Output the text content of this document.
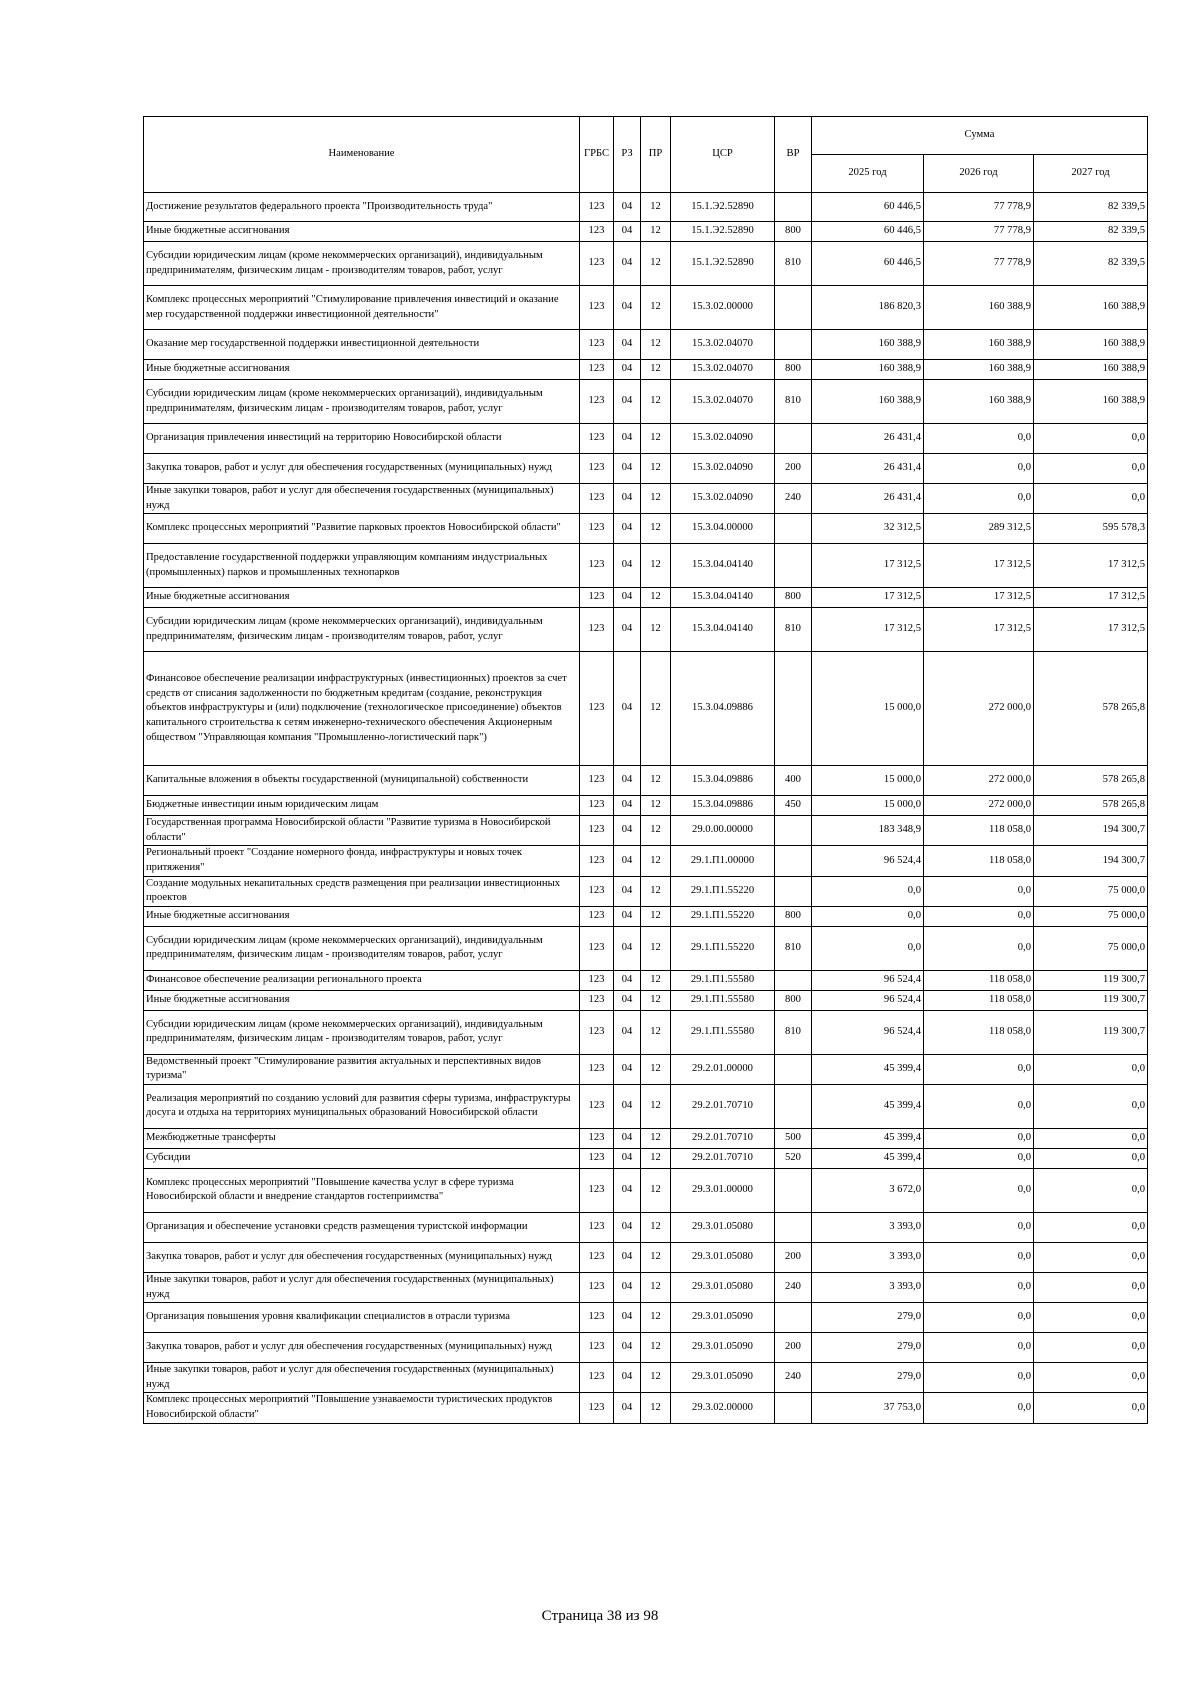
Наименование	ГРБС	РЗ	ПР	ЦСР	ВР	Сумма		
						2025 год	2026 год	2027 год
Достижение результатов федерального проекта "Производительность труда"	123	04	12	15.1.Э2.52890		60 446,5	77 778,9	82 339,5
Иные бюджетные ассигнования	123	04	12	15.1.Э2.52890	800	60 446,5	77 778,9	82 339,5
Субсидии юридическим лицам (кроме некоммерческих организаций), индивидуальным предпринимателям, физическим лицам - производителям товаров, работ, услуг	123	04	12	15.1.Э2.52890	810	60 446,5	77 778,9	82 339,5
Комплекс процессных мероприятий "Стимулирование привлечения инвестиций и оказание мер государственной поддержки инвестиционной деятельности"	123	04	12	15.3.02.00000		186 820,3	160 388,9	160 388,9
Оказание мер государственной поддержки инвестиционной деятельности	123	04	12	15.3.02.04070		160 388,9	160 388,9	160 388,9
Иные бюджетные ассигнования	123	04	12	15.3.02.04070	800	160 388,9	160 388,9	160 388,9
Субсидии юридическим лицам (кроме некоммерческих организаций), индивидуальным предпринимателям, физическим лицам - производителям товаров, работ, услуг	123	04	12	15.3.02.04070	810	160 388,9	160 388,9	160 388,9
Организация привлечения инвестиций на территорию Новосибирской области	123	04	12	15.3.02.04090		26 431,4	0,0	0,0
Закупка товаров, работ и услуг для обеспечения государственных (муниципальных) нужд	123	04	12	15.3.02.04090	200	26 431,4	0,0	0,0
Иные закупки товаров, работ и услуг для обеспечения государственных (муниципальных) нужд	123	04	12	15.3.02.04090	240	26 431,4	0,0	0,0
Комплекс процессных мероприятий "Развитие парковых проектов Новосибирской области"	123	04	12	15.3.04.00000		32 312,5	289 312,5	595 578,3
Предоставление государственной поддержки управляющим компаниям индустриальных (промышленных) парков и промышленных технопарков	123	04	12	15.3.04.04140		17 312,5	17 312,5	17 312,5
Иные бюджетные ассигнования	123	04	12	15.3.04.04140	800	17 312,5	17 312,5	17 312,5
Субсидии юридическим лицам (кроме некоммерческих организаций), индивидуальным предпринимателям, физическим лицам - производителям товаров, работ, услуг	123	04	12	15.3.04.04140	810	17 312,5	17 312,5	17 312,5
Финансовое обеспечение реализации инфраструктурных (инвестиционных) проектов за счет средств от списания задолженности по бюджетным кредитам (создание, реконструкция объектов инфраструктуры и (или) подключение (технологическое присоединение) объектов капитального строительства к сетям инженерно-технического обеспечения Акционерным обществом "Управляющая компания "Промышленно-логистический парк")	123	04	12	15.3.04.09886		15 000,0	272 000,0	578 265,8
Капитальные вложения в объекты государственной (муниципальной) собственности	123	04	12	15.3.04.09886	400	15 000,0	272 000,0	578 265,8
Бюджетные инвестиции иным юридическим лицам	123	04	12	15.3.04.09886	450	15 000,0	272 000,0	578 265,8
Государственная программа Новосибирской области "Развитие туризма в Новосибирской области"	123	04	12	29.0.00.00000		183 348,9	118 058,0	194 300,7
Региональный проект "Создание номерного фонда, инфраструктуры и новых точек притяжения"	123	04	12	29.1.П1.00000		96 524,4	118 058,0	194 300,7
Создание модульных некапитальных средств размещения при реализации инвестиционных проектов	123	04	12	29.1.П1.55220		0,0	0,0	75 000,0
Иные бюджетные ассигнования	123	04	12	29.1.П1.55220	800	0,0	0,0	75 000,0
Субсидии юридическим лицам (кроме некоммерческих организаций), индивидуальным предпринимателям, физическим лицам - производителям товаров, работ, услуг	123	04	12	29.1.П1.55220	810	0,0	0,0	75 000,0
Финансовое обеспечение реализации регионального проекта	123	04	12	29.1.П1.55580		96 524,4	118 058,0	119 300,7
Иные бюджетные ассигнования	123	04	12	29.1.П1.55580	800	96 524,4	118 058,0	119 300,7
Субсидии юридическим лицам (кроме некоммерческих организаций), индивидуальным предпринимателям, физическим лицам - производителям товаров, работ, услуг	123	04	12	29.1.П1.55580	810	96 524,4	118 058,0	119 300,7
Ведомственный проект "Стимулирование развития актуальных и перспективных видов туризма"	123	04	12	29.2.01.00000		45 399,4	0,0	0,0
Реализация мероприятий по созданию условий для развития сферы туризма, инфраструктуры досуга и отдыха на территориях муниципальных образований Новосибирской области	123	04	12	29.2.01.70710		45 399,4	0,0	0,0
Межбюджетные трансферты	123	04	12	29.2.01.70710	500	45 399,4	0,0	0,0
Субсидии	123	04	12	29.2.01.70710	520	45 399,4	0,0	0,0
Комплекс процессных мероприятий "Повышение качества услуг в сфере туризма Новосибирской области и внедрение стандартов гостеприимства"	123	04	12	29.3.01.00000		3 672,0	0,0	0,0
Организация и обеспечение установки средств размещения туристской информации	123	04	12	29.3.01.05080		3 393,0	0,0	0,0
Закупка товаров, работ и услуг для обеспечения государственных (муниципальных) нужд	123	04	12	29.3.01.05080	200	3 393,0	0,0	0,0
Иные закупки товаров, работ и услуг для обеспечения государственных (муниципальных) нужд	123	04	12	29.3.01.05080	240	3 393,0	0,0	0,0
Организация повышения уровня квалификации специалистов в отрасли туризма	123	04	12	29.3.01.05090		279,0	0,0	0,0
Закупка товаров, работ и услуг для обеспечения государственных (муниципальных) нужд	123	04	12	29.3.01.05090	200	279,0	0,0	0,0
Иные закупки товаров, работ и услуг для обеспечения государственных (муниципальных) нужд	123	04	12	29.3.01.05090	240	279,0	0,0	0,0
Комплекс процессных мероприятий "Повышение узнаваемости туристических продуктов Новосибирской области"	123	04	12	29.3.02.00000		37 753,0	0,0	0,0
Страница 38 из 98
